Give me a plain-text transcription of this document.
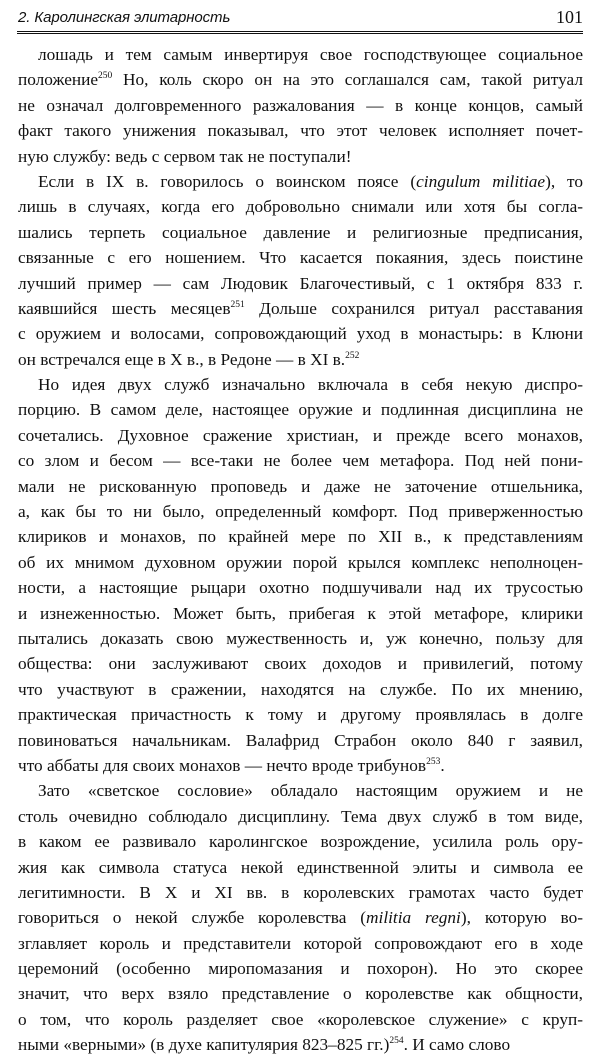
2. Каролингская элитарность	101
лошадь и тем самым инвертируя свое господствующее социальное
положение$^{250}$ Но, коль скоро он на это соглашался сам, такой ритуал
не означал долговременного разжалования — в конце концов, самый
факт такого унижения показывал, что этот человек исполняет почет-
ную службу: ведь с сервом так не поступали!
Если в IX в. говорилось о воинском поясе (cingulum militiae), то
лишь в случаях, когда его добровольно снимали или хотя бы согла-
шались терпеть социальное давление и религиозные предписания,
связанные с его ношением. Что касается покаяния, здесь поистине
лучший пример — сам Людовик Благочестивый, с 1 октября 833 г.
каявшийся шесть месяцев$^{251}$ Дольше сохранился ритуал расставания
с оружием и волосами, сопровождающий уход в монастырь: в Клюни
он встречался еще в X в., в Редоне — в XI в.$^{252}$
Но идея двух служб изначально включала в себя некую диспро-
порцию. В самом деле, настоящее оружие и подлинная дисциплина не
сочетались. Духовное сражение христиан, и прежде всего монахов,
со злом и бесом — все-таки не более чем метафора. Под ней пони-
мали не рискованную проповедь и даже не заточение отшельника,
а, как бы то ни было, определенный комфорт. Под приверженностью
клириков и монахов, по крайней мере по XII в., к представлениям
об их мнимом духовном оружии порой крылся комплекс неполноцен-
ности, а настоящие рыцари охотно подшучивали над их трусостью
и изнеженностью. Может быть, прибегая к этой метафоре, клирики
пытались доказать свою мужественность и, уж конечно, пользу для
общества: они заслуживают своих доходов и привилегий, потому
что участвуют в сражении, находятся на службе. По их мнению,
практическая причастность к тому и другому проявлялась в долге
повиноваться начальникам. Валафрид Страбон около 840 г заявил,
что аббаты для своих монахов — нечто вроде трибунов$^{253}$.
Зато «светское сословие» обладало настоящим оружием и не
столь очевидно соблюдало дисциплину. Тема двух служб в том виде,
в каком ее развивало каролингское возрождение, усилила роль ору-
жия как символа статуса некой единственной элиты и символа ее
легитимности. В X и XI вв. в королевских грамотах часто будет
говориться о некой службе королевства (militia regni), которую во-
зглавляет король и представители которой сопровождают его в ходе
церемоний (особенно миропомазания и похорон). Но это скорее
значит, что верх взяло представление о королевстве как общности,
о том, что король разделяет свое «королевское служение» с круп-
ными «верными» (в духе капитулярия 823–825 гг.)$^{254}$. И само слово
